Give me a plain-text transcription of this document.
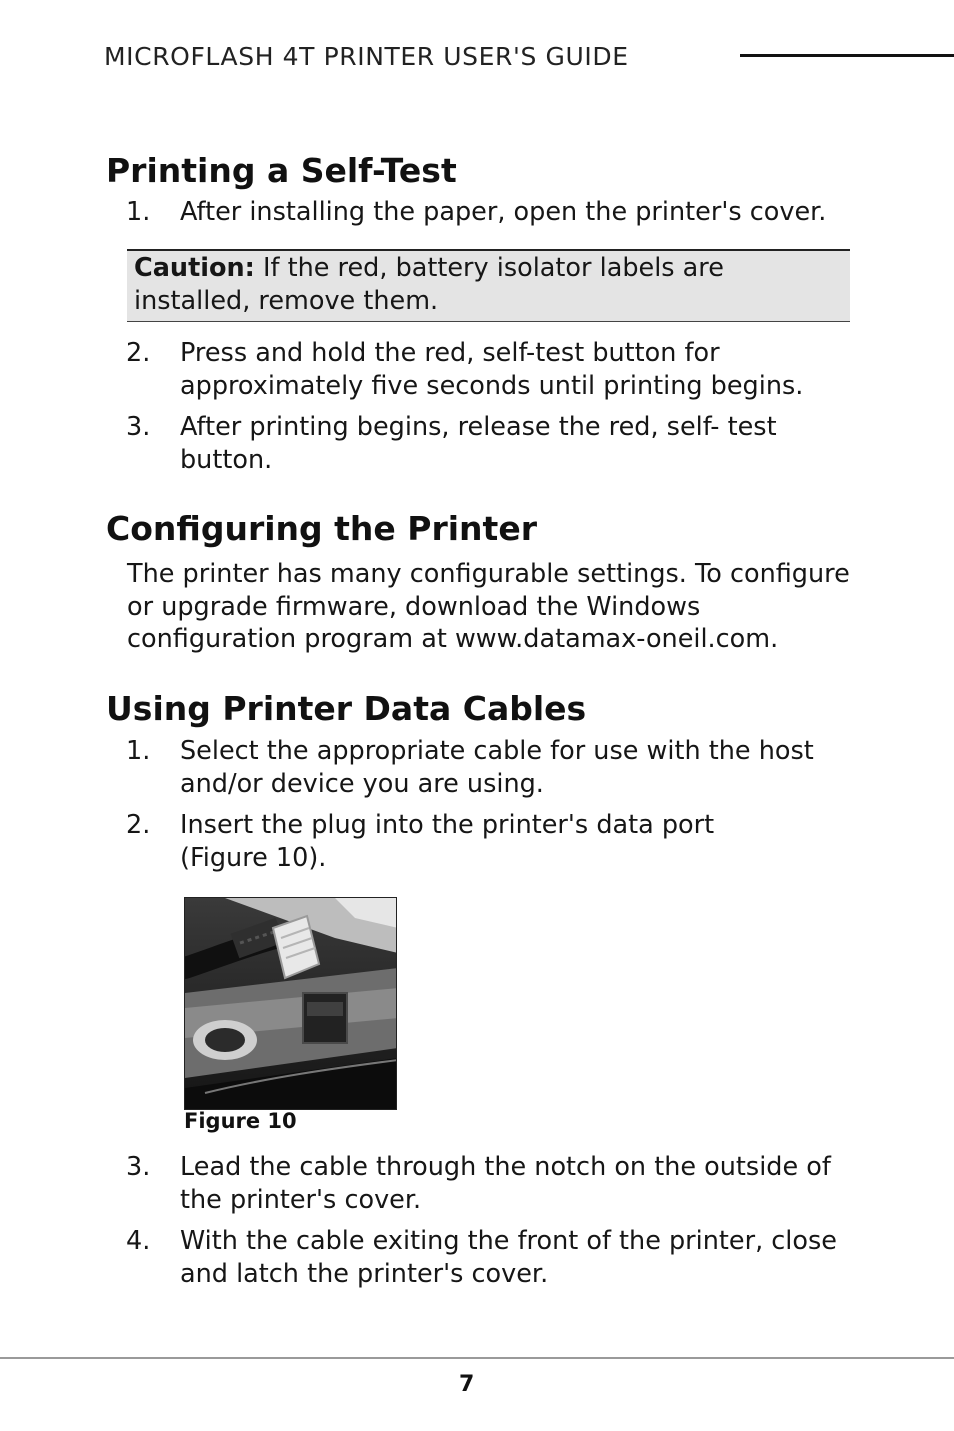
MICROFLASH 4T PRINTER USER'S GUIDE
Printing a Self-Test
1. After installing the paper, open the printer's cover.
Caution: If the red, battery isolator labels are installed, remove them.
2. Press and hold the red, self-test button for approximately five seconds until printing begins.
3. After printing begins, release the red, self- test button.
Configuring the Printer
The printer has many configurable settings. To configure or upgrade firmware, download the Windows configuration program at www.datamax-oneil.com.
Using Printer Data Cables
1. Select the appropriate cable for use with the host and/or device you are using.
2. Insert the plug into the printer's data port (Figure 10).
Figure 10
3. Lead the cable through the notch on the outside of the printer's cover.
4. With the cable exiting the front of the printer, close and latch the printer's cover.
7
